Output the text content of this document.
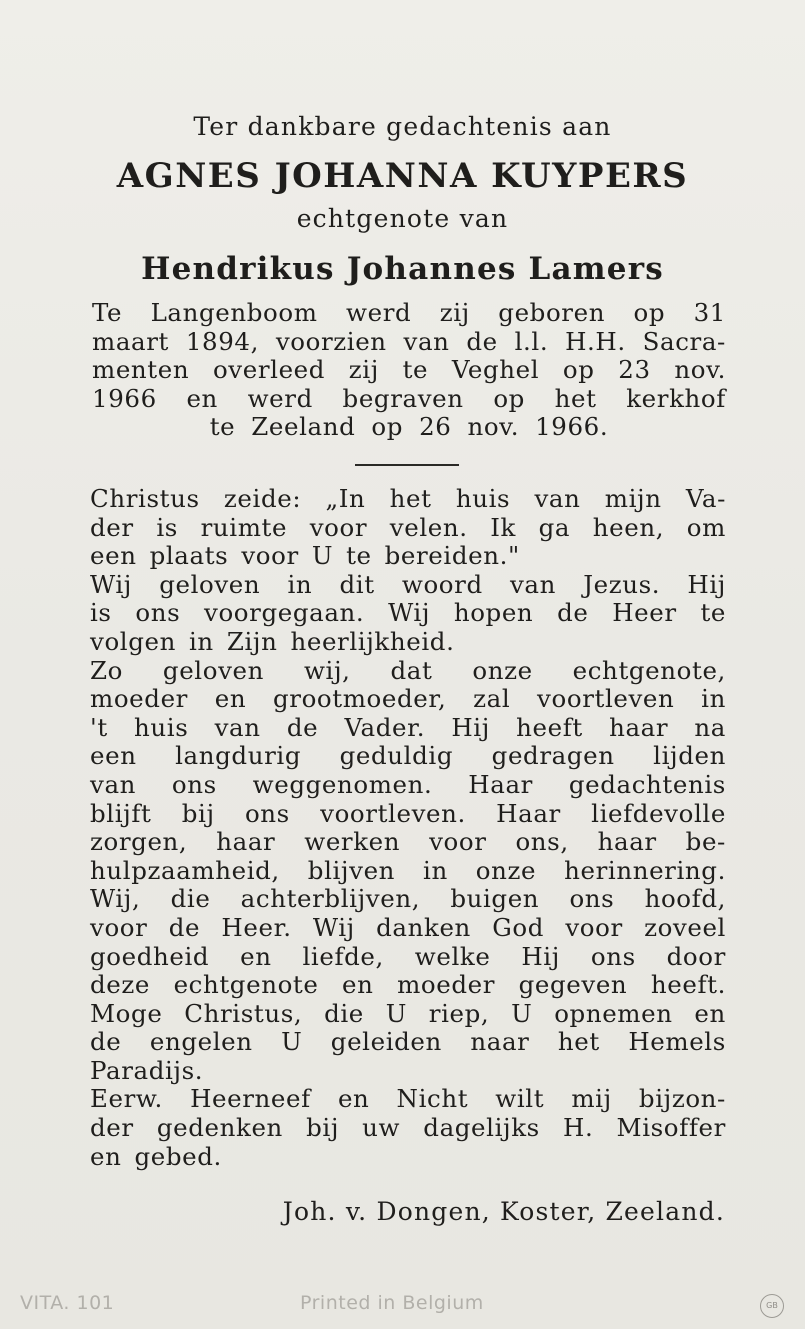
Ter dankbare gedachtenis aan
AGNES JOHANNA KUYPERS
echtgenote van
Hendrikus Johannes Lamers
Te Langenboom werd zij geboren op 31
maart 1894, voorzien van de l.l. H.H. Sacra-
menten overleed zij te Veghel op 23 nov.
1966 en werd begraven op het kerkhof
te Zeeland op 26 nov. 1966.
Christus zeide: „In het huis van mijn Va-
der is ruimte voor velen. Ik ga heen, om
een plaats voor U te bereiden."
Wij geloven in dit woord van Jezus. Hij
is ons voorgegaan. Wij hopen de Heer te
volgen in Zijn heerlijkheid.
Zo geloven wij, dat onze echtgenote,
moeder en grootmoeder, zal voortleven in
't huis van de Vader. Hij heeft haar na
een langdurig geduldig gedragen lijden
van ons weggenomen. Haar gedachtenis
blijft bij ons voortleven. Haar liefdevolle
zorgen, haar werken voor ons, haar be-
hulpzaamheid, blijven in onze herinnering.
Wij, die achterblijven, buigen ons hoofd,
voor de Heer. Wij danken God voor zoveel
goedheid en liefde, welke Hij ons door
deze echtgenote en moeder gegeven heeft.
Moge Christus, die U riep, U opnemen en
de engelen U geleiden naar het Hemels
Paradijs.
Eerw. Heerneef en Nicht wilt mij bijzon-
der gedenken bij uw dagelijks H. Misoffer
en gebed.
Joh. v. Dongen, Koster, Zeeland.
VITA. 101	Printed in Belgium	GB
